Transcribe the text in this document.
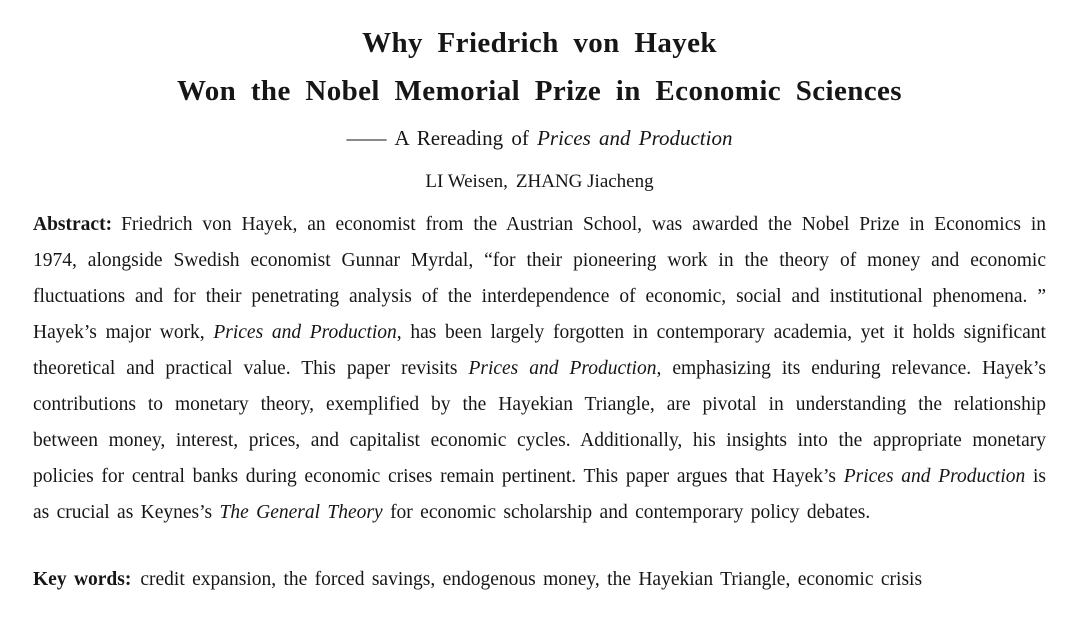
Why Friedrich von Hayek
Won the Nobel Memorial Prize in Economic Sciences
—— A Rereading of Prices and Production
LI Weisen, ZHANG Jiacheng

Abstract: Friedrich von Hayek, an economist from the Austrian School, was awarded the Nobel Prize in Economics in 1974, alongside Swedish economist Gunnar Myrdal, “for their pioneering work in the theory of money and economic fluctuations and for their penetrating analysis of the interdependence of economic, social and institutional phenomena. ” Hayek’s major work, Prices and Production, has been largely forgotten in contemporary academia, yet it holds significant theoretical and practical value. This paper revisits Prices and Production, emphasizing its enduring relevance. Hayek’s contributions to monetary theory, exemplified by the Hayekian Triangle, are pivotal in understanding the relationship between money, interest, prices, and capitalist economic cycles. Additionally, his insights into the appropriate monetary policies for central banks during economic crises remain pertinent. This paper argues that Hayek’s Prices and Production is as crucial as Keynes’s The General Theory for economic scholarship and contemporary policy debates.

Key words: credit expansion, the forced savings, endogenous money, the Hayekian Triangle, economic crisis
